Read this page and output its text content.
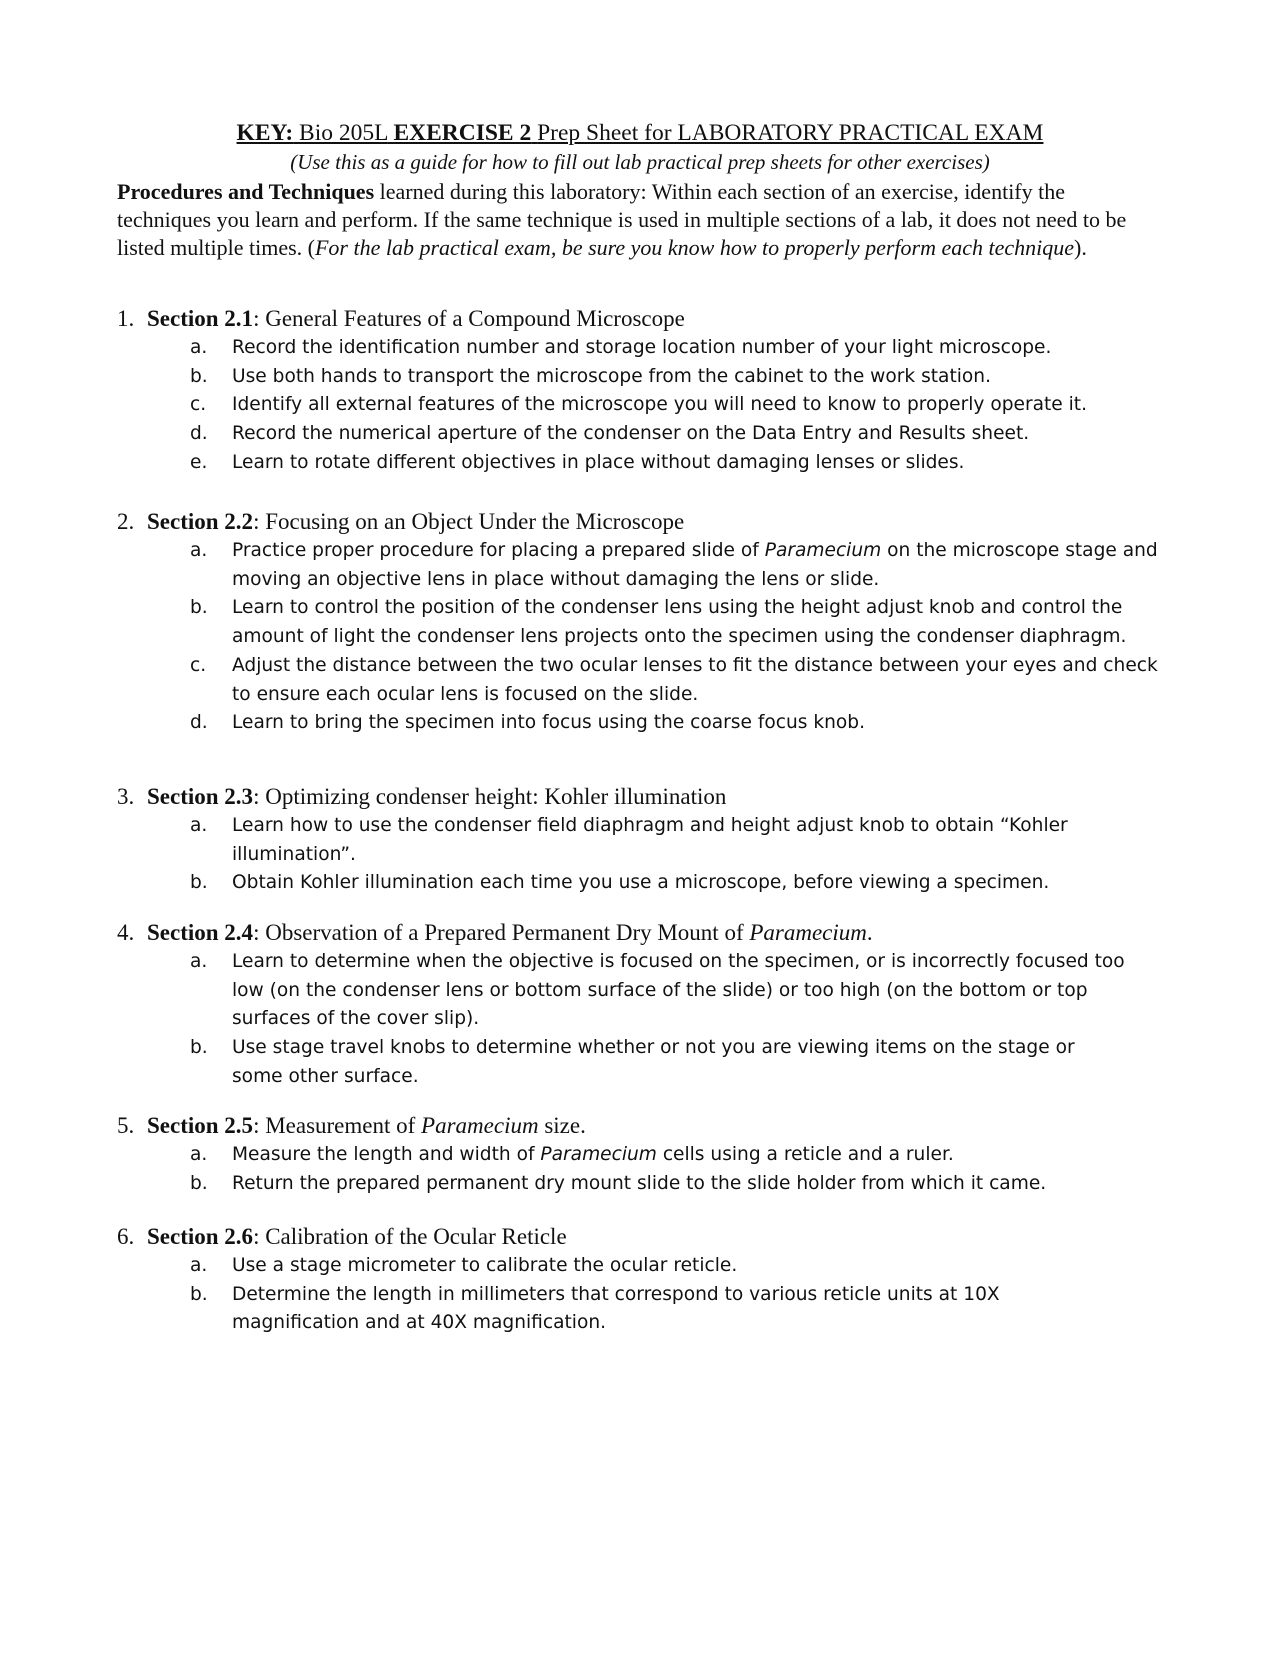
KEY: Bio 205L EXERCISE 2 Prep Sheet for LABORATORY PRACTICAL EXAM
(Use this as a guide for how to fill out lab practical prep sheets for other exercises)
Procedures and Techniques learned during this laboratory: Within each section of an exercise, identify the techniques you learn and perform. If the same technique is used in multiple sections of a lab, it does not need to be listed multiple times. (For the lab practical exam, be sure you know how to properly perform each technique).
1. Section 2.1: General Features of a Compound Microscope
a. Record the identification number and storage location number of your light microscope.
b. Use both hands to transport the microscope from the cabinet to the work station.
c. Identify all external features of the microscope you will need to know to properly operate it.
d. Record the numerical aperture of the condenser on the Data Entry and Results sheet.
e. Learn to rotate different objectives in place without damaging lenses or slides.
2. Section 2.2: Focusing on an Object Under the Microscope
a. Practice proper procedure for placing a prepared slide of Paramecium on the microscope stage and moving an objective lens in place without damaging the lens or slide.
b. Learn to control the position of the condenser lens using the height adjust knob and control the amount of light the condenser lens projects onto the specimen using the condenser diaphragm.
c. Adjust the distance between the two ocular lenses to fit the distance between your eyes and check to ensure each ocular lens is focused on the slide.
d. Learn to bring the specimen into focus using the coarse focus knob.
3. Section 2.3: Optimizing condenser height: Kohler illumination
a. Learn how to use the condenser field diaphragm and height adjust knob to obtain “Kohler illumination”.
b. Obtain Kohler illumination each time you use a microscope, before viewing a specimen.
4. Section 2.4: Observation of a Prepared Permanent Dry Mount of Paramecium.
a. Learn to determine when the objective is focused on the specimen, or is incorrectly focused too low (on the condenser lens or bottom surface of the slide) or too high (on the bottom or top surfaces of the cover slip).
b. Use stage travel knobs to determine whether or not you are viewing items on the stage or some other surface.
5. Section 2.5: Measurement of Paramecium size.
a. Measure the length and width of Paramecium cells using a reticle and a ruler.
b. Return the prepared permanent dry mount slide to the slide holder from which it came.
6. Section 2.6: Calibration of the Ocular Reticle
a. Use a stage micrometer to calibrate the ocular reticle.
b. Determine the length in millimeters that correspond to various reticle units at 10X magnification and at 40X magnification.
